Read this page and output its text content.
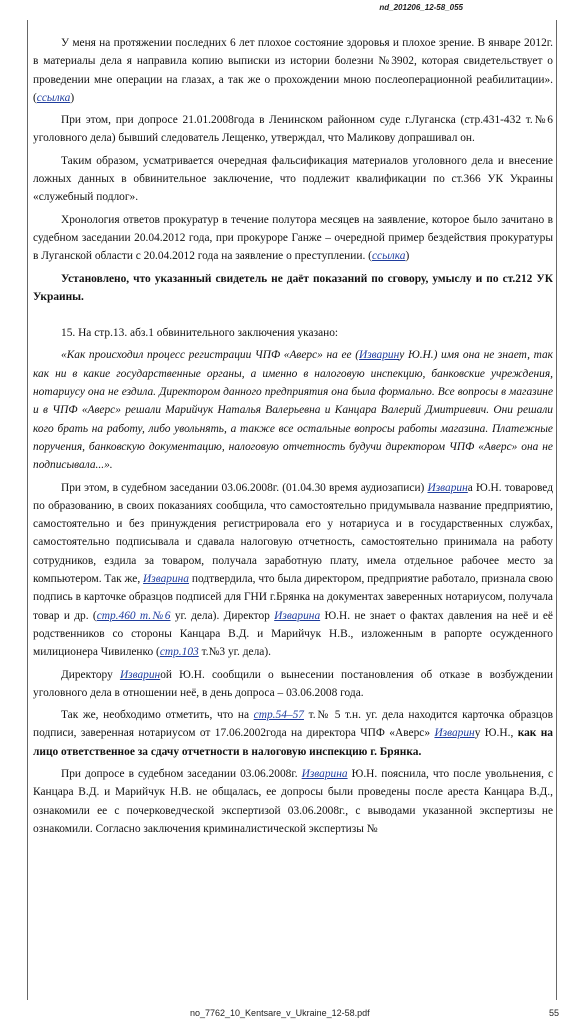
nd_201206_12-58_055

У меня на протяжении последних 6 лет плохое состояние здоровья и плохое зрение. В январе 2012г. в материалы дела я направила копию выписки из истории болезни №3902, которая свидетельствует о проведении мне операции на глазах, а так же о прохождении мною послеоперационной реабилитации». (ссылка)

При этом, при допросе 21.01.2008года в Ленинском районном суде г.Луганска (стр.431-432 т.№6 уголовного дела) бывший следователь Лещенко, утверждал, что Маликову допрашивал он.

Таким образом, усматривается очередная фальсификация материалов уголовного дела и внесение ложных данных в обвинительное заключение, что подлежит квалификации по ст.366 УК Украины «служебный подлог».

Хронология ответов прокуратур в течение полутора месяцев на заявление, которое было зачитано в судебном заседании 20.04.2012 года, при прокуроре Ганже – очередной пример бездействия прокуратуры в Луганской области с 20.04.2012 года на заявление о преступлении. (ссылка)

Установлено, что указанный свидетель не даёт показаний по сговору, умыслу и по ст.212 УК Украины.

15. На стр.13. абз.1 обвинительного заключения указано:

«Как происходил процесс регистрации ЧПФ «Аверс» на ее (Изварину Ю.Н.) имя она не знает, так как ни в какие государственные органы, а именно в налоговую инспекцию, банковские учреждения, нотариусу она не ездила. Директором данного предприятия она была формально. Все вопросы в магазине и в ЧПФ «Аверс» решали Марийчук Наталья Валерьевна и Канцара Валерий Дмитриевич. Они решали кого брать на работу, либо увольнять, а также все остальные вопросы работы магазина. Платежные поручения, банковскую документацию, налоговую отчетность будучи директором ЧПФ «Аверс» она не подписывала...».

При этом, в судебном заседании 03.06.2008г. (01.04.30 время аудиозаписи) Изварина Ю.Н. товаровед по образованию, в своих показаниях сообщила, что самостоятельно придумывала название предприятию, самостоятельно и без принуждения регистрировала его у нотариуса и в государственных службах, самостоятельно подписывала и сдавала налоговую отчетность, самостоятельно принимала на работу сотрудников, ездила за товаром, получала заработную плату, имела отдельное рабочее место за компьютером. Так же, Изварина подтвердила, что была директором, предприятие работало, признала свою подпись в карточке образцов подписей для ГНИ г.Брянка на документах заверенных нотариусом, получала товар и др. (стр.460 т.№6 уг. дела). Директор Изварина Ю.Н. не знает о фактах давления на неё и её родственников со стороны Канцара В.Д. и Марийчук Н.В., изложенным в рапорте осужденного милиционера Чивиленко (стр.103 т.№3 уг. дела).

Директору Извариной Ю.Н. сообщили о вынесении постановления об отказе в возбуждении уголовного дела в отношении неё, в день допроса – 03.06.2008 года.

Так же, необходимо отметить, что на стр.54–57 т.№ 5 т.н. уг. дела находится карточка образцов подписи, заверенная нотариусом от 17.06.2002года на директора ЧПФ «Аверс» Изварину Ю.Н., как на лицо ответственное за сдачу отчетности в налоговую инспекцию г. Брянка.

При допросе в судебном заседании 03.06.2008г. Изварина Ю.Н. пояснила, что после увольнения, с Канцара В.Д. и Марийчук Н.В. не общалась, ее допросы были проведены после ареста Канцара В.Д., ознакомили ее с почерковедческой экспертизой 03.06.2008г., с выводами указанной экспертизы не ознакомили. Согласно заключения криминалистической экспертизы №

no_7762_10_Kentsare_v_Ukraine_12-58.pdf	55
